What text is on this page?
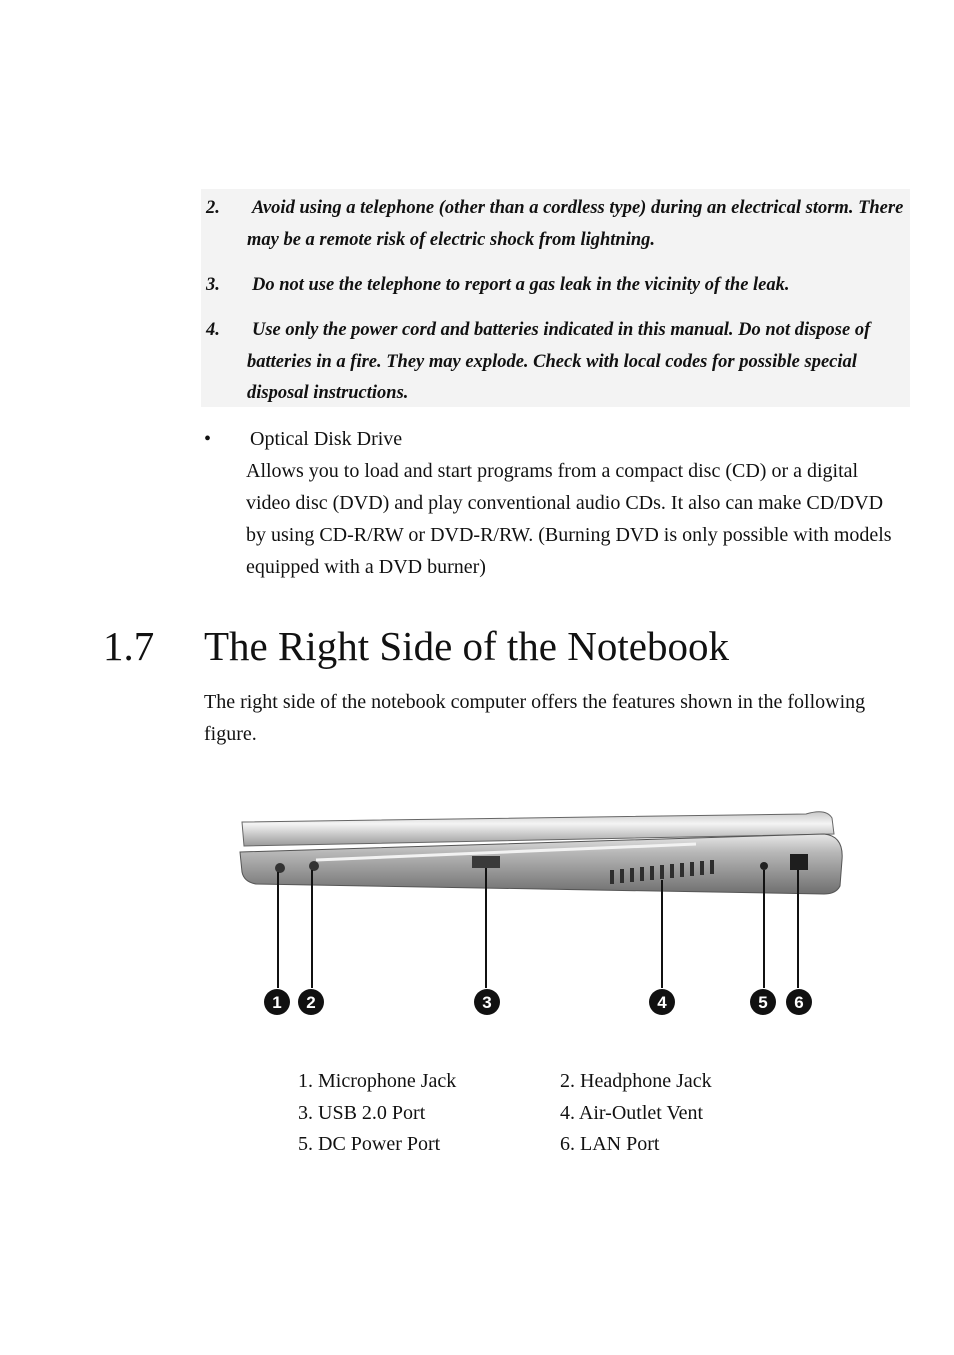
2. Avoid using a telephone (other than a cordless type) during an electrical storm. There may be a remote risk of electric shock from lightning.
3. Do not use the telephone to report a gas leak in the vicinity of the leak.
4. Use only the power cord and batteries indicated in this manual. Do not dispose of batteries in a fire. They may explode. Check with local codes for possible special disposal instructions.
• Optical Disk Drive
Allows you to load and start programs from a compact disc (CD) or a digital video disc (DVD) and play conventional audio CDs. It also can make CD/DVD by using CD-R/RW or DVD-R/RW. (Burning DVD is only possible with models equipped with a DVD burner)
1.7 The Right Side of the Notebook
The right side of the notebook computer offers the features shown in the following figure.
1 2	3	4	5 6
1. Microphone Jack	2. Headphone Jack
3. USB 2.0 Port	4. Air-Outlet Vent
5. DC Power Port	6. LAN Port
